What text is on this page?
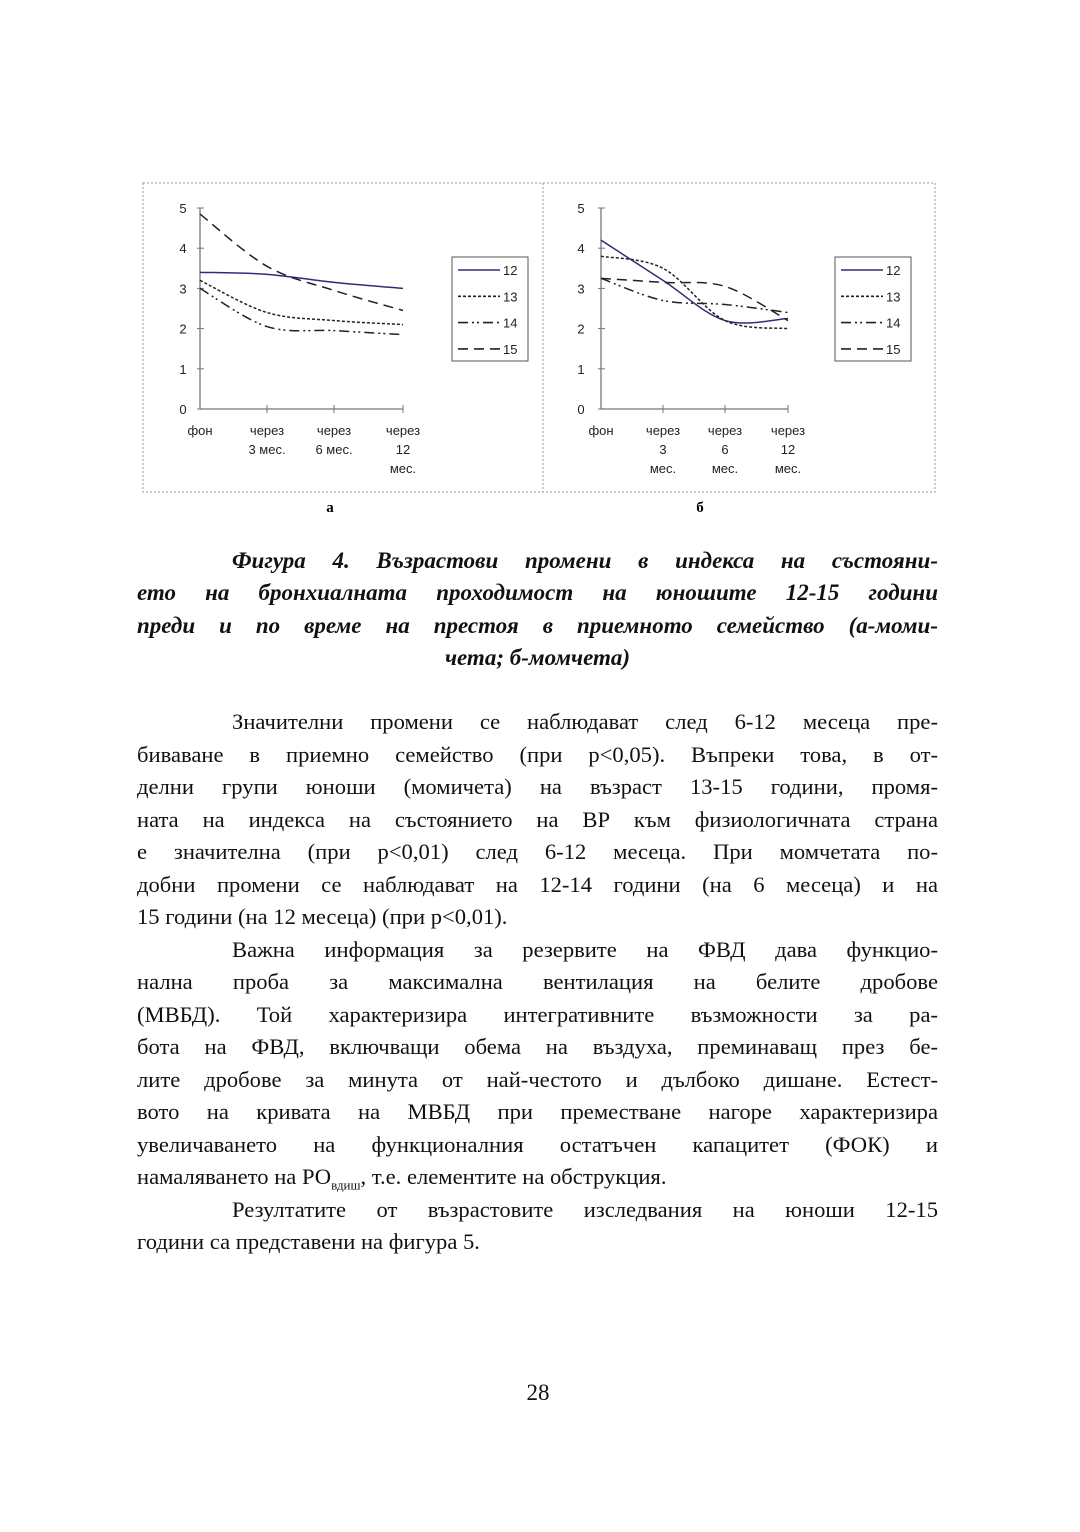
а	б
0
1
2
3
4
5
фон	через
3 мес.
через
6 мес.
через
12
мес.
12
13
14
15
0
1
2
3
4
5
фон через
3
мес.
через
6
мес.
через
12
мес.
12
13
14
15
Фигура 4. Възрастови промени в индекса на състояни-
ето на бронхиалната проходимост на юношите 12-15 години
преди и по време на престоя в приемното семейство (а-моми-
чета; б-момчета)
Значителни промени се наблюдават след 6-12 месеца пре-
биваване в приемно семейство (при p<0,05). Въпреки това, в от-
делни групи юноши (момичета) на възраст 13-15 години, промя-
ната на индекса на състоянието на ВР към физиологичната страна
е значителна (при p<0,01) след 6-12 месеца. При момчетата по-
добни промени се наблюдават на 12-14 години (на 6 месеца) и на
15 години (на 12 месеца) (при p<0,01).
Важна информация за резервите на ФВД дава функцио-
нална проба за максимална вентилация на белите дробове
(МВБД). Той характеризира интегративните възможности за ра-
бота на ФВД, включващи обема на въздуха, преминаващ през бе-
лите дробове за минута от най-честото и дълбоко дишане. Естест-
вото на кривата на МВБД при преместване нагоре характеризира
увеличаването на функционалния остатъчен капацитет (ФОК) и
намаляването на $РО_{вдиш}$, т.е. елементите на обструкция.
Резултатите от възрастовите изследвания на юноши 12-15
години са представени на фигура 5.
28
